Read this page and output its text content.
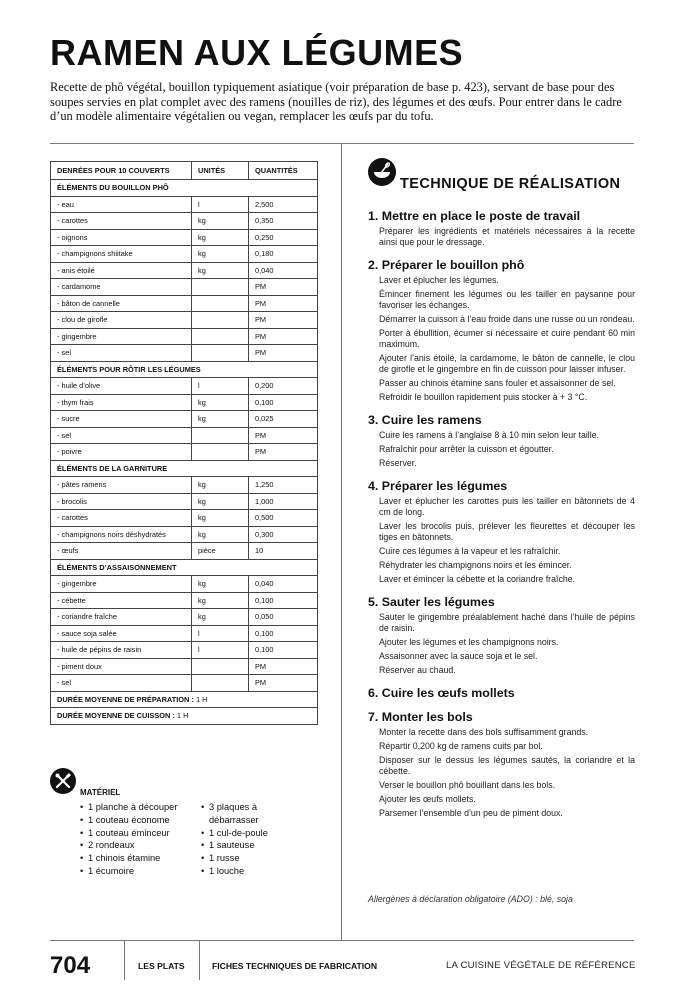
RAMEN AUX LÉGUMES

Recette de phô végétal, bouillon typiquement asiatique (voir préparation de base p. 423), servant de base pour des soupes servies en plat complet avec des ramens (nouilles de riz), des légumes et des œufs. Pour entrer dans le cadre d’un modèle alimentaire végétalien ou vegan, remplacer les œufs par du tofu.

DENRÉES POUR 10 COUVERTS	UNITÉS	QUANTITÉS
ÉLÉMENTS DU BOUILLON PHÔ		
- eau	l	2,500
- carottes	kg	0,350
- oignons	kg	0,250
- champignons shiitake	kg	0,180
- anis étoilé	kg	0,040
- cardamome		PM
- bâton de cannelle		PM
- clou de girofle		PM
- gingembre		PM
- sel		PM
ÉLÉMENTS POUR RÔTIR LES LÉGUMES		
- huile d’olive	l	0,200
- thym frais	kg	0,100
- sucre	kg	0,025
- sel		PM
- poivre		PM
ÉLÉMENTS DE LA GARNITURE		
- pâtes ramens	kg	1,250
- brocolis	kg	1,000
- carottes	kg	0,500
- champignons noirs déshydratés	kg	0,300
- œufs	pièce	10
ÉLÉMENTS D’ASSAISONNEMENT		
- gingembre	kg	0,040
- cébette	kg	0,100
- coriandre fraîche	kg	0,050
- sauce soja salée	l	0,100
- huile de pépins de raisin	l	0,100
- piment doux		PM
- sel		PM
DURÉE MOYENNE DE PRÉPARATION : 1 H		
DURÉE MOYENNE DE CUISSON : 1 H		
MATÉRIEL
• 1 planche à découper
• 1 couteau économe
• 1 couteau éminceur
• 2 rondeaux
• 1 chinois étamine
• 1 écumoire
• 3 plaques à débarrasser
• 1 cul-de-poule
• 1 sauteuse
• 1 russe
• 1 louche
TECHNIQUE DE RÉALISATION
1. Mettre en place le poste de travail

Préparer les ingrédients et matériels nécessaires à la recette ainsi que pour le dressage.

2. Préparer le bouillon phô

Laver et éplucher les légumes.

Émincer finement les légumes ou les tailler en paysanne pour favoriser les échanges.

Démarrer la cuisson à l’eau froide dans une russe ou un rondeau.

Porter à ébullition, écumer si nécessaire et cuire pendant 60 min maximum.

Ajouter l’anis étoilé, la cardamome, le bâton de cannelle, le clou de girofle et le gingembre en fin de cuisson pour laisser infuser.

Passer au chinois étamine sans fouler et assaisonner de sel.

Refroidir le bouillon rapidement puis stocker à + 3 °C.

3. Cuire les ramens

Cuire les ramens à l’anglaise 8 à 10 min selon leur taille.

Rafraîchir pour arrêter la cuisson et égoutter.

Réserver.

4. Préparer les légumes

Laver et éplucher les carottes puis les tailler en bâtonnets de 4 cm de long.

Laver les brocolis puis, prélever les fleurettes et découper les tiges en bâtonnets.

Cuire ces légumes à la vapeur et les rafraîchir.

Réhydrater les champignons noirs et les émincer.

Laver et émincer la cébette et la coriandre fraîche.

5. Sauter les légumes

Sauter le gingembre préalablement haché dans l’huile de pépins de raisin.

Ajouter les légumes et les champignons noirs.

Assaisonner avec la sauce soja et le sel.

Réserver au chaud.

6. Cuire les œufs mollets
7. Monter les bols

Monter la recette dans des bols suffisamment grands.

Répartir 0,200 kg de ramens cuits par bol.

Disposer sur le dessus les légumes sautés, la coriandre et la cébette.

Verser le bouillon phô bouillant dans les bols.

Ajouter les œufs mollets.

Parsemer l’ensemble d’un peu de piment doux.

Allergènes à déclaration obligatoire (ADO) : blé, soja
704	LES PLATS	FICHES TECHNIQUES DE FABRICATION	LA CUISINE VÉGÉTALE DE RÉFÉRENCE
